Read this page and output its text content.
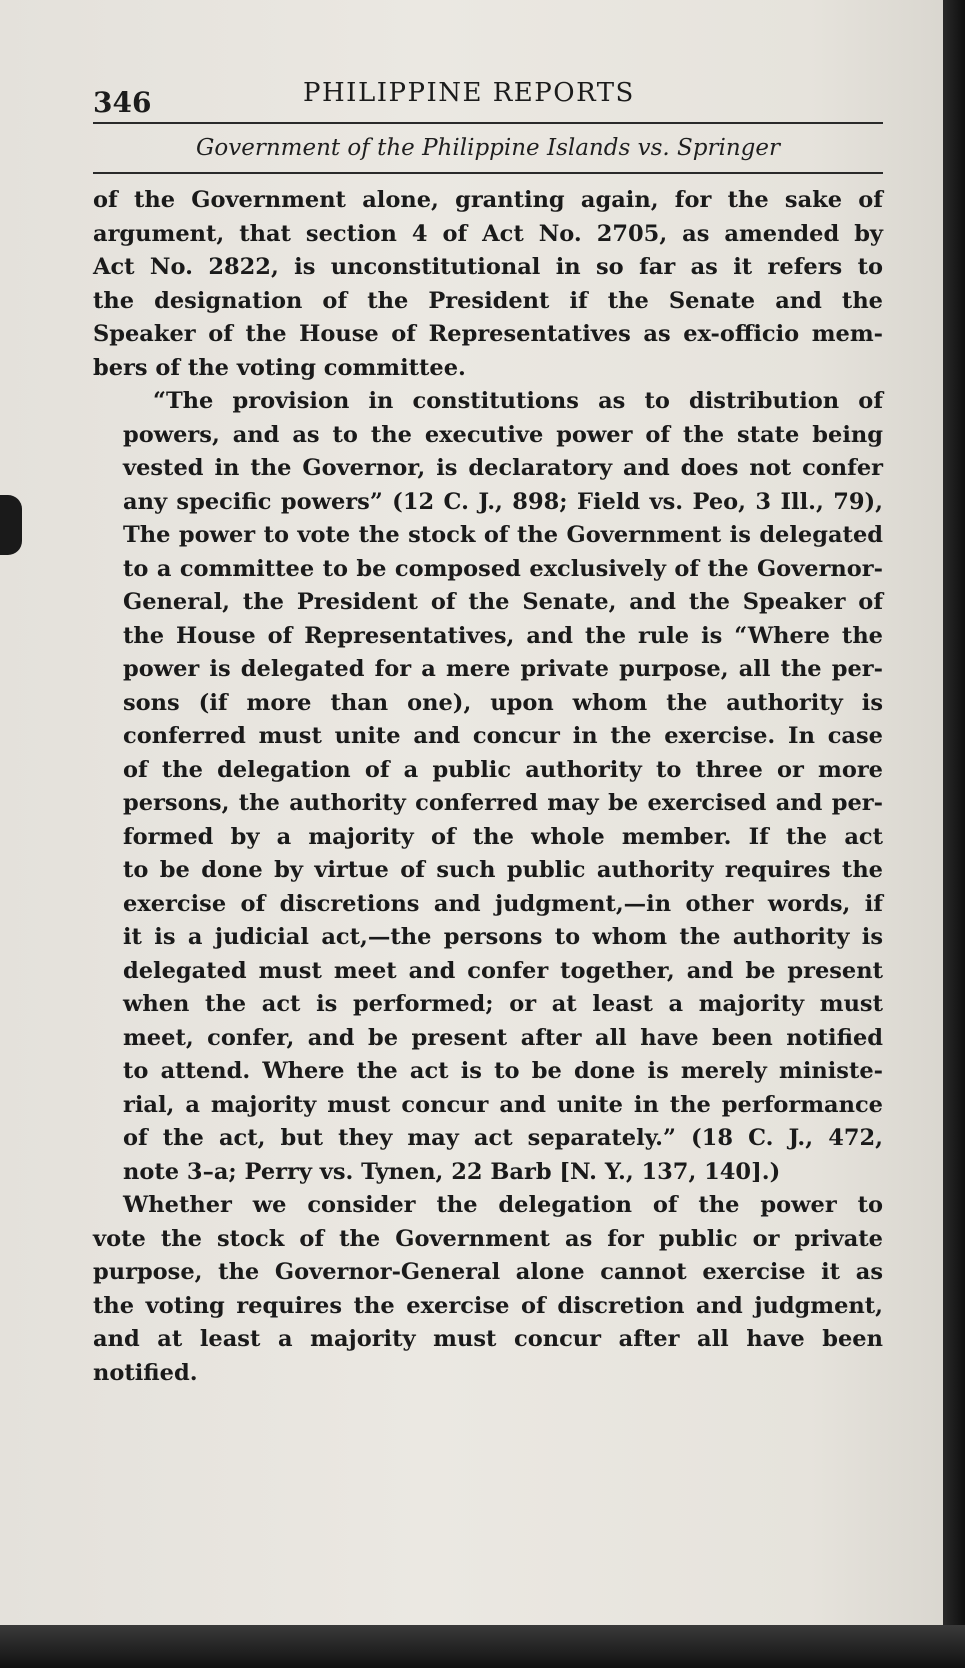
346	PHILIPPINE REPORTS
Government of the Philippine Islands vs. Springer

of the Government alone, granting again, for the sake of
argument, that section 4 of Act No. 2705, as amended by
Act No. 2822, is unconstitutional in so far as it refers to
the designation of the President if the Senate and the
Speaker of the House of Representatives as ex-officio mem-
bers of the voting committee.

“The provision in constitutions as to distribution of
powers, and as to the executive power of the state being
vested in the Governor, is declaratory and does not confer
any specific powers” (12 C. J., 898; Field vs. Peo, 3 Ill., 79),
The power to vote the stock of the Government is delegated
to a committee to be composed exclusively of the Governor-
General, the President of the Senate, and the Speaker of
the House of Representatives, and the rule is “Where the
power is delegated for a mere private purpose, all the per-
sons (if more than one), upon whom the authority is
conferred must unite and concur in the exercise. In case
of the delegation of a public authority to three or more
persons, the authority conferred may be exercised and per-
formed by a majority of the whole member. If the act
to be done by virtue of such public authority requires the
exercise of discretions and judgment,—in other words, if
it is a judicial act,—the persons to whom the authority is
delegated must meet and confer together, and be present
when the act is performed; or at least a majority must
meet, confer, and be present after all have been notified
to attend. Where the act is to be done is merely ministe-
rial, a majority must concur and unite in the performance
of the act, but they may act separately.” (18 C. J., 472,
note 3–a; Perry vs. Tynen, 22 Barb [N. Y., 137, 140].)

Whether we consider the delegation of the power to
vote the stock of the Government as for public or private
purpose, the Governor-General alone cannot exercise it as
the voting requires the exercise of discretion and judgment,
and at least a majority must concur after all have been
notified.
